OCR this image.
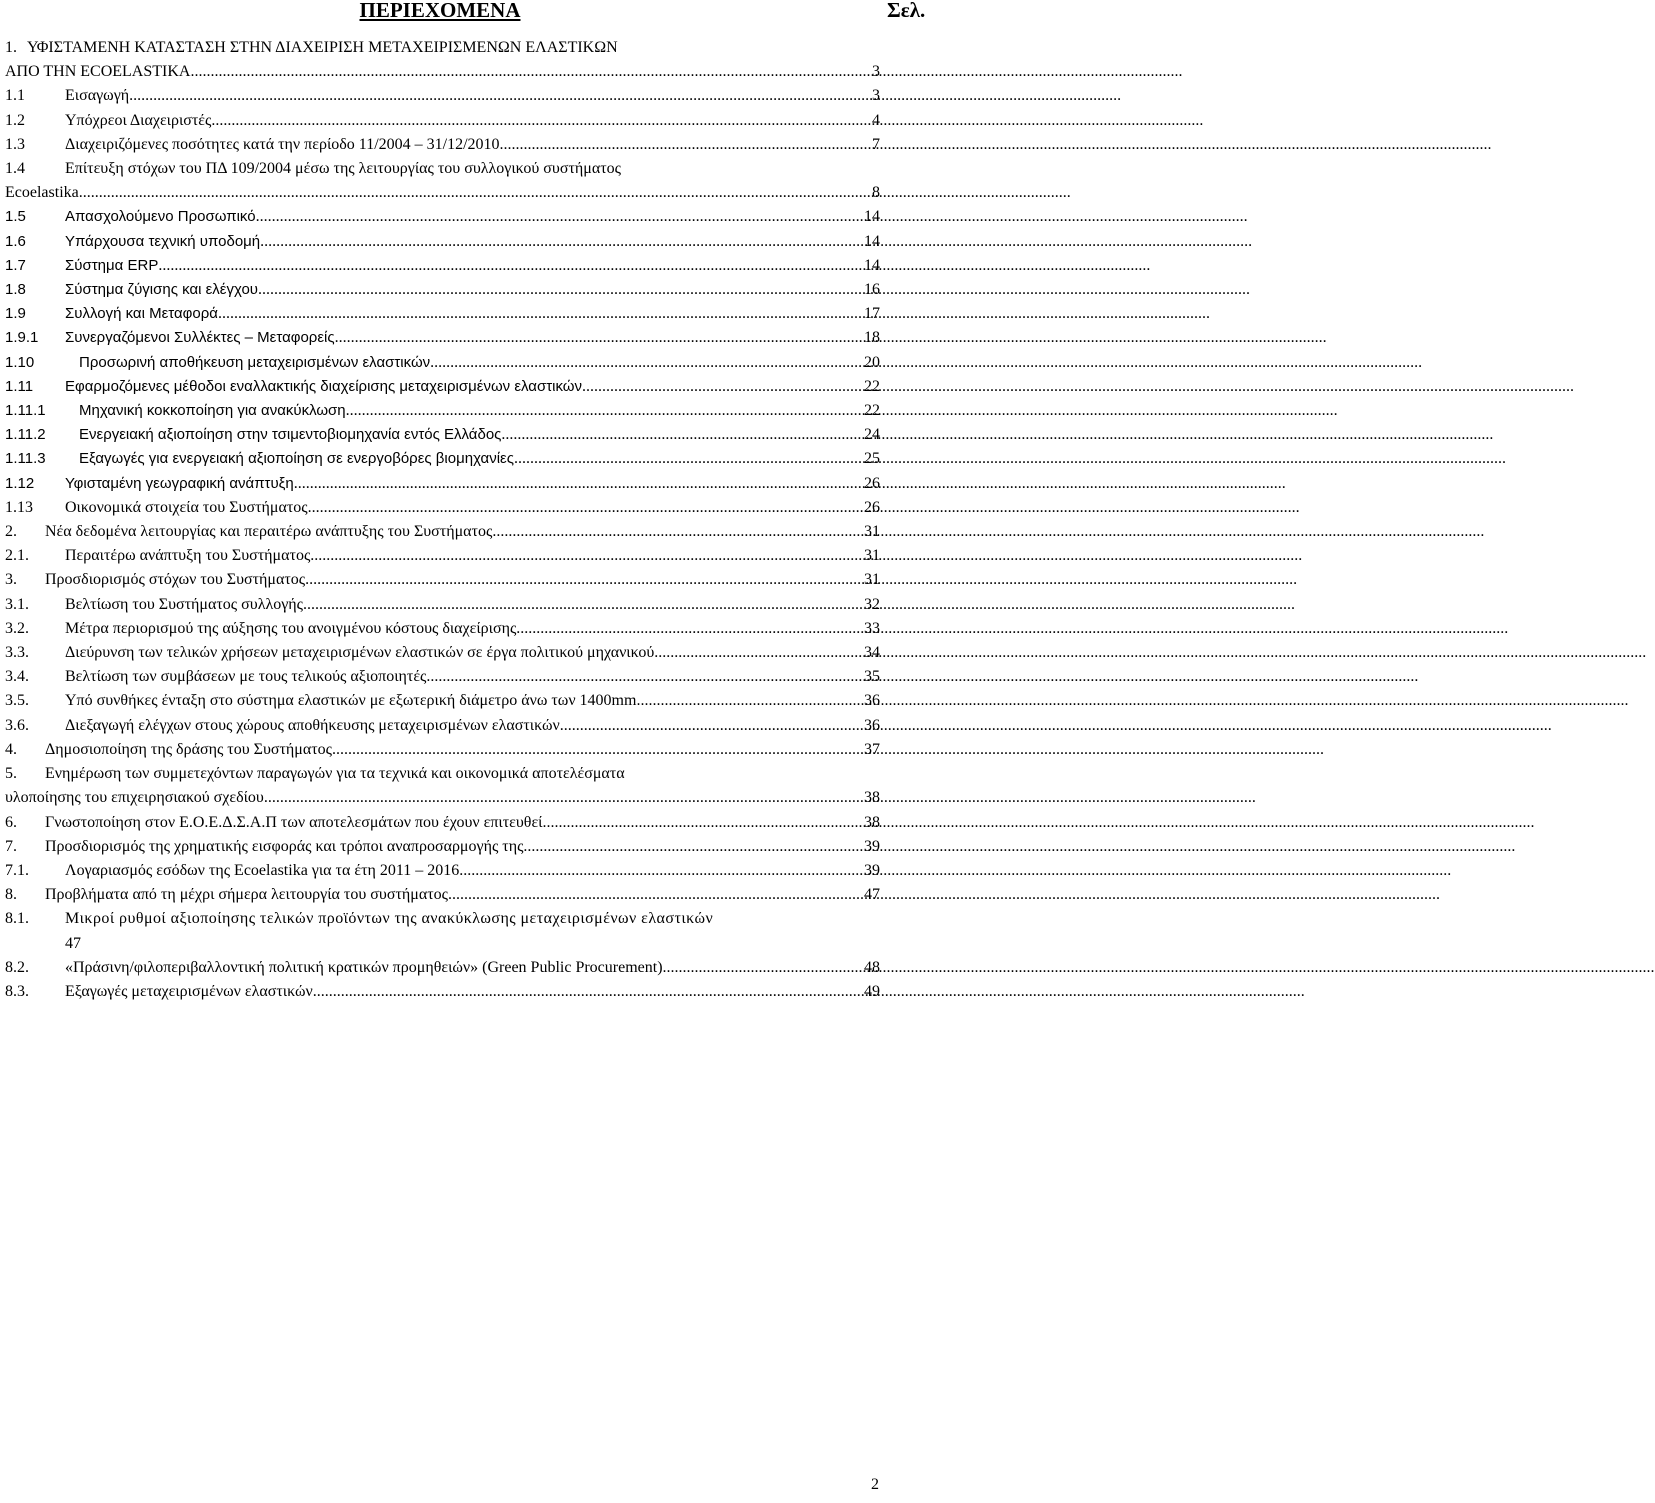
ΠΕΡΙΕΧΟΜΕΝΑ	Σελ.
1. ΥΦΙΣΤΑΜΕΝΗ ΚΑΤΑΣΤΑΣΗ ΣΤΗΝ ΔΙΑΧΕΙΡΙΣΗ ΜΕΤΑΧΕΙΡΙΣΜΕΝΩΝ ΕΛΑΣΤΙΚΩΝ
ΑΠΟ ΤΗΝ ECOELASTIKA .....	3
1.1	Εισαγωγή .....	3
1.2	Υπόχρεοι Διαχειριστές .....	4
1.3	Διαχειριζόμενες ποσότητες κατά την περίοδο 11/2004 – 31/12/2010 .....	7
1.4	Επίτευξη στόχων του ΠΔ 109/2004 μέσω της λειτουργίας του συλλογικού συστήματος
Ecoelastika .....	8
1.5	Απασχολούμενο Προσωπικό .....	14
1.6	Υπάρχουσα τεχνική υποδομή .....	14
1.7	Σύστημα ERP .....	14
1.8	Σύστημα ζύγισης και ελέγχου .....	16
1.9	Συλλογή και Μεταφορά .....	17
1.9.1	Συνεργαζόμενοι Συλλέκτες – Μεταφορείς .....	18
1.10	Προσωρινή αποθήκευση μεταχειρισμένων ελαστικών .....	20
1.11	Εφαρμοζόμενες μέθοδοι εναλλακτικής διαχείρισης μεταχειρισμένων ελαστικών .....	22
1.11.1	Μηχανική κοκκοποίηση για ανακύκλωση .....	22
1.11.2	Ενεργειακή αξιοποίηση στην τσιμεντοβιομηχανία εντός Ελλάδος .....	24
1.11.3	Εξαγωγές για ενεργειακή αξιοποίηση σε ενεργοβόρες βιομηχανίες .....	25
1.12	Υφισταμένη γεωγραφική ανάπτυξη .....	26
1.13	Οικονομικά στοιχεία του Συστήματος .....	26
2.	Νέα δεδομένα λειτουργίας και περαιτέρω ανάπτυξης του Συστήματος .....	31
2.1.	Περαιτέρω ανάπτυξη του Συστήματος .....	31
3.	Προσδιορισμός στόχων του Συστήματος .....	31
3.1.	Βελτίωση του Συστήματος συλλογής .....	32
3.2.	Μέτρα περιορισμού της αύξησης του ανοιγμένου κόστους διαχείρισης .....	33
3.3.	Διεύρυνση των τελικών χρήσεων μεταχειρισμένων ελαστικών σε έργα πολιτικού μηχανικού .....	34
3.4.	Βελτίωση των συμβάσεων με τους τελικούς αξιοποιητές .....	35
3.5.	Υπό συνθήκες ένταξη στο σύστημα ελαστικών με εξωτερική διάμετρο άνω των 1400mm .....	36
3.6.	Διεξαγωγή ελέγχων στους χώρους αποθήκευσης μεταχειρισμένων ελαστικών .....	36
4.	Δημοσιοποίηση της δράσης του Συστήματος .....	37
5.	Ενημέρωση των συμμετεχόντων παραγωγών για τα τεχνικά και οικονομικά αποτελέσματα
υλοποίησης του επιχειρησιακού σχεδίου .....	38
6.	Γνωστοποίηση στον Ε.Ο.Ε.Δ.Σ.Α.Π των αποτελεσμάτων που έχουν επιτευθεί .....	38
7.	Προσδιορισμός της χρηματικής εισφοράς και τρόποι αναπροσαρμογής της .....	39
7.1.	Λογαριασμός εσόδων της Ecoelastika για τα έτη 2011 – 2016 .....	39
8.	Προβλήματα από τη μέχρι σήμερα λειτουργία του συστήματος .....	47
8.1.	Μικροί ρυθμοί αξιοποίησης τελικών προϊόντων της ανακύκλωσης μεταχειρισμένων ελαστικών
47
8.2.	«Πράσινη/φιλοπεριβαλλοντική πολιτική κρατικών προμηθειών» (Green Public Procurement) .....	48
8.3.	Εξαγωγές μεταχειρισμένων ελαστικών .....	49
2
